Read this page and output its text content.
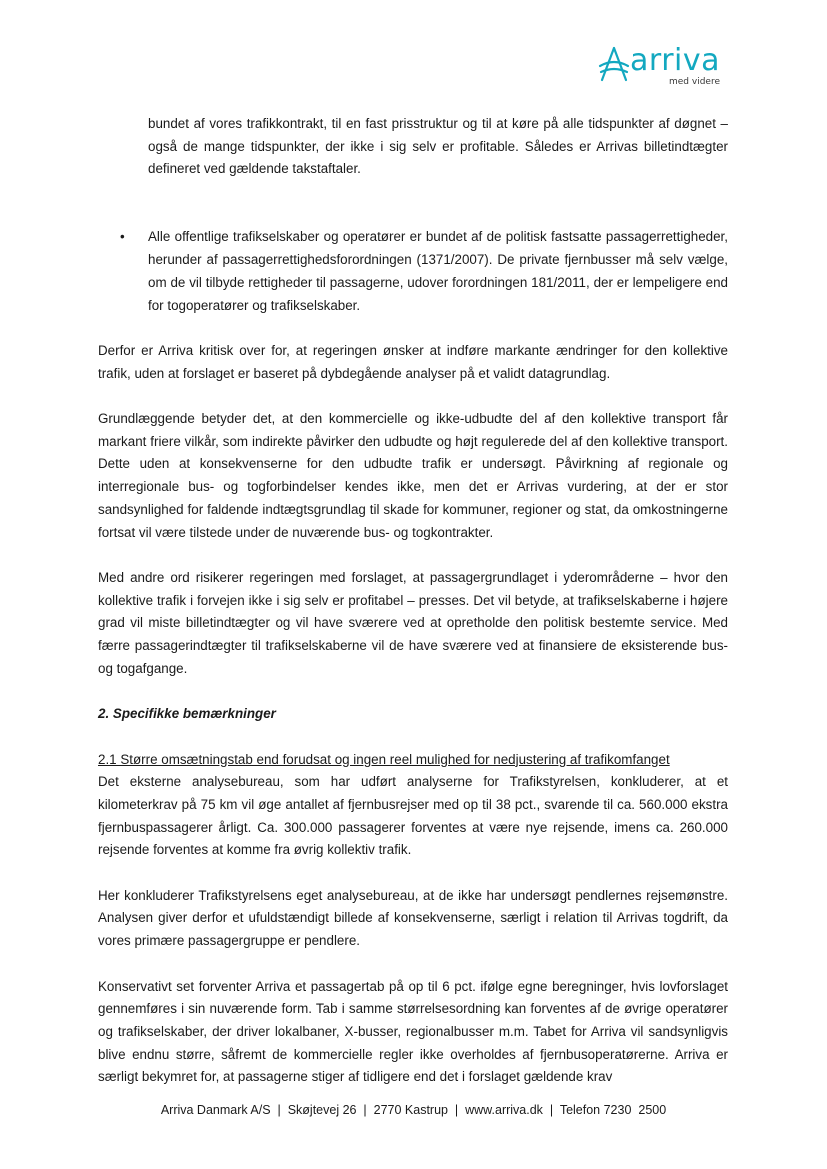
arriva
med videre

bundet af vores trafikkontrakt, til en fast prisstruktur og til at køre på alle tidspunkter af døgnet – også de mange tidspunkter, der ikke i sig selv er profitable. Således er Arrivas billetindtægter defineret ved gældende takstaftaler.

• Alle offentlige trafikselskaber og operatører er bundet af de politisk fastsatte passagerrettigheder, herunder af passagerrettighedsforordningen (1371/2007). De private fjernbusser må selv vælge, om de vil tilbyde rettigheder til passagerne, udover forordningen 181/2011, der er lempeligere end for togoperatører og trafikselskaber.

Derfor er Arriva kritisk over for, at regeringen ønsker at indføre markante ændringer for den kollektive trafik, uden at forslaget er baseret på dybdegående analyser på et validt datagrundlag.

Grundlæggende betyder det, at den kommercielle og ikke-udbudte del af den kollektive transport får markant friere vilkår, som indirekte påvirker den udbudte og højt regulerede del af den kollektive transport. Dette uden at konsekvenserne for den udbudte trafik er undersøgt. Påvirkning af regionale og interregionale bus- og togforbindelser kendes ikke, men det er Arrivas vurdering, at der er stor sandsynlighed for faldende indtægtsgrundlag til skade for kommuner, regioner og stat, da omkostningerne fortsat vil være tilstede under de nuværende bus- og togkontrakter.

Med andre ord risikerer regeringen med forslaget, at passagergrundlaget i yderområderne – hvor den kollektive trafik i forvejen ikke i sig selv er profitabel – presses. Det vil betyde, at trafikselskaberne i højere grad vil miste billetindtægter og vil have sværere ved at opretholde den politisk bestemte service. Med færre passagerindtægter til trafikselskaberne vil de have sværere ved at finansiere de eksisterende bus- og togafgange.

2. Specifikke bemærkninger

2.1 Større omsætningstab end forudsat og ingen reel mulighed for nedjustering af trafikomfanget

Det eksterne analysebureau, som har udført analyserne for Trafikstyrelsen, konkluderer, at et kilometerkrav på 75 km vil øge antallet af fjernbusrejser med op til 38 pct., svarende til ca. 560.000 ekstra fjernbuspassagerer årligt. Ca. 300.000 passagerer forventes at være nye rejsende, imens ca. 260.000 rejsende forventes at komme fra øvrig kollektiv trafik.

Her konkluderer Trafikstyrelsens eget analysebureau, at de ikke har undersøgt pendlernes rejsemønstre. Analysen giver derfor et ufuldstændigt billede af konsekvenserne, særligt i relation til Arrivas togdrift, da vores primære passagergruppe er pendlere.

Konservativt set forventer Arriva et passagertab på op til 6 pct. ifølge egne beregninger, hvis lovforslaget gennemføres i sin nuværende form. Tab i samme størrelsesordning kan forventes af de øvrige operatører og trafikselskaber, der driver lokalbaner, X-busser, regionalbusser m.m. Tabet for Arriva vil sandsynligvis blive endnu større, såfremt de kommercielle regler ikke overholdes af fjernbusoperatørerne. Arriva er særligt bekymret for, at passagerne stiger af tidligere end det i forslaget gældende krav

Arriva Danmark A/S  |  Skøjtevej 26  |  2770 Kastrup  |  www.arriva.dk  |  Telefon 7230  2500
